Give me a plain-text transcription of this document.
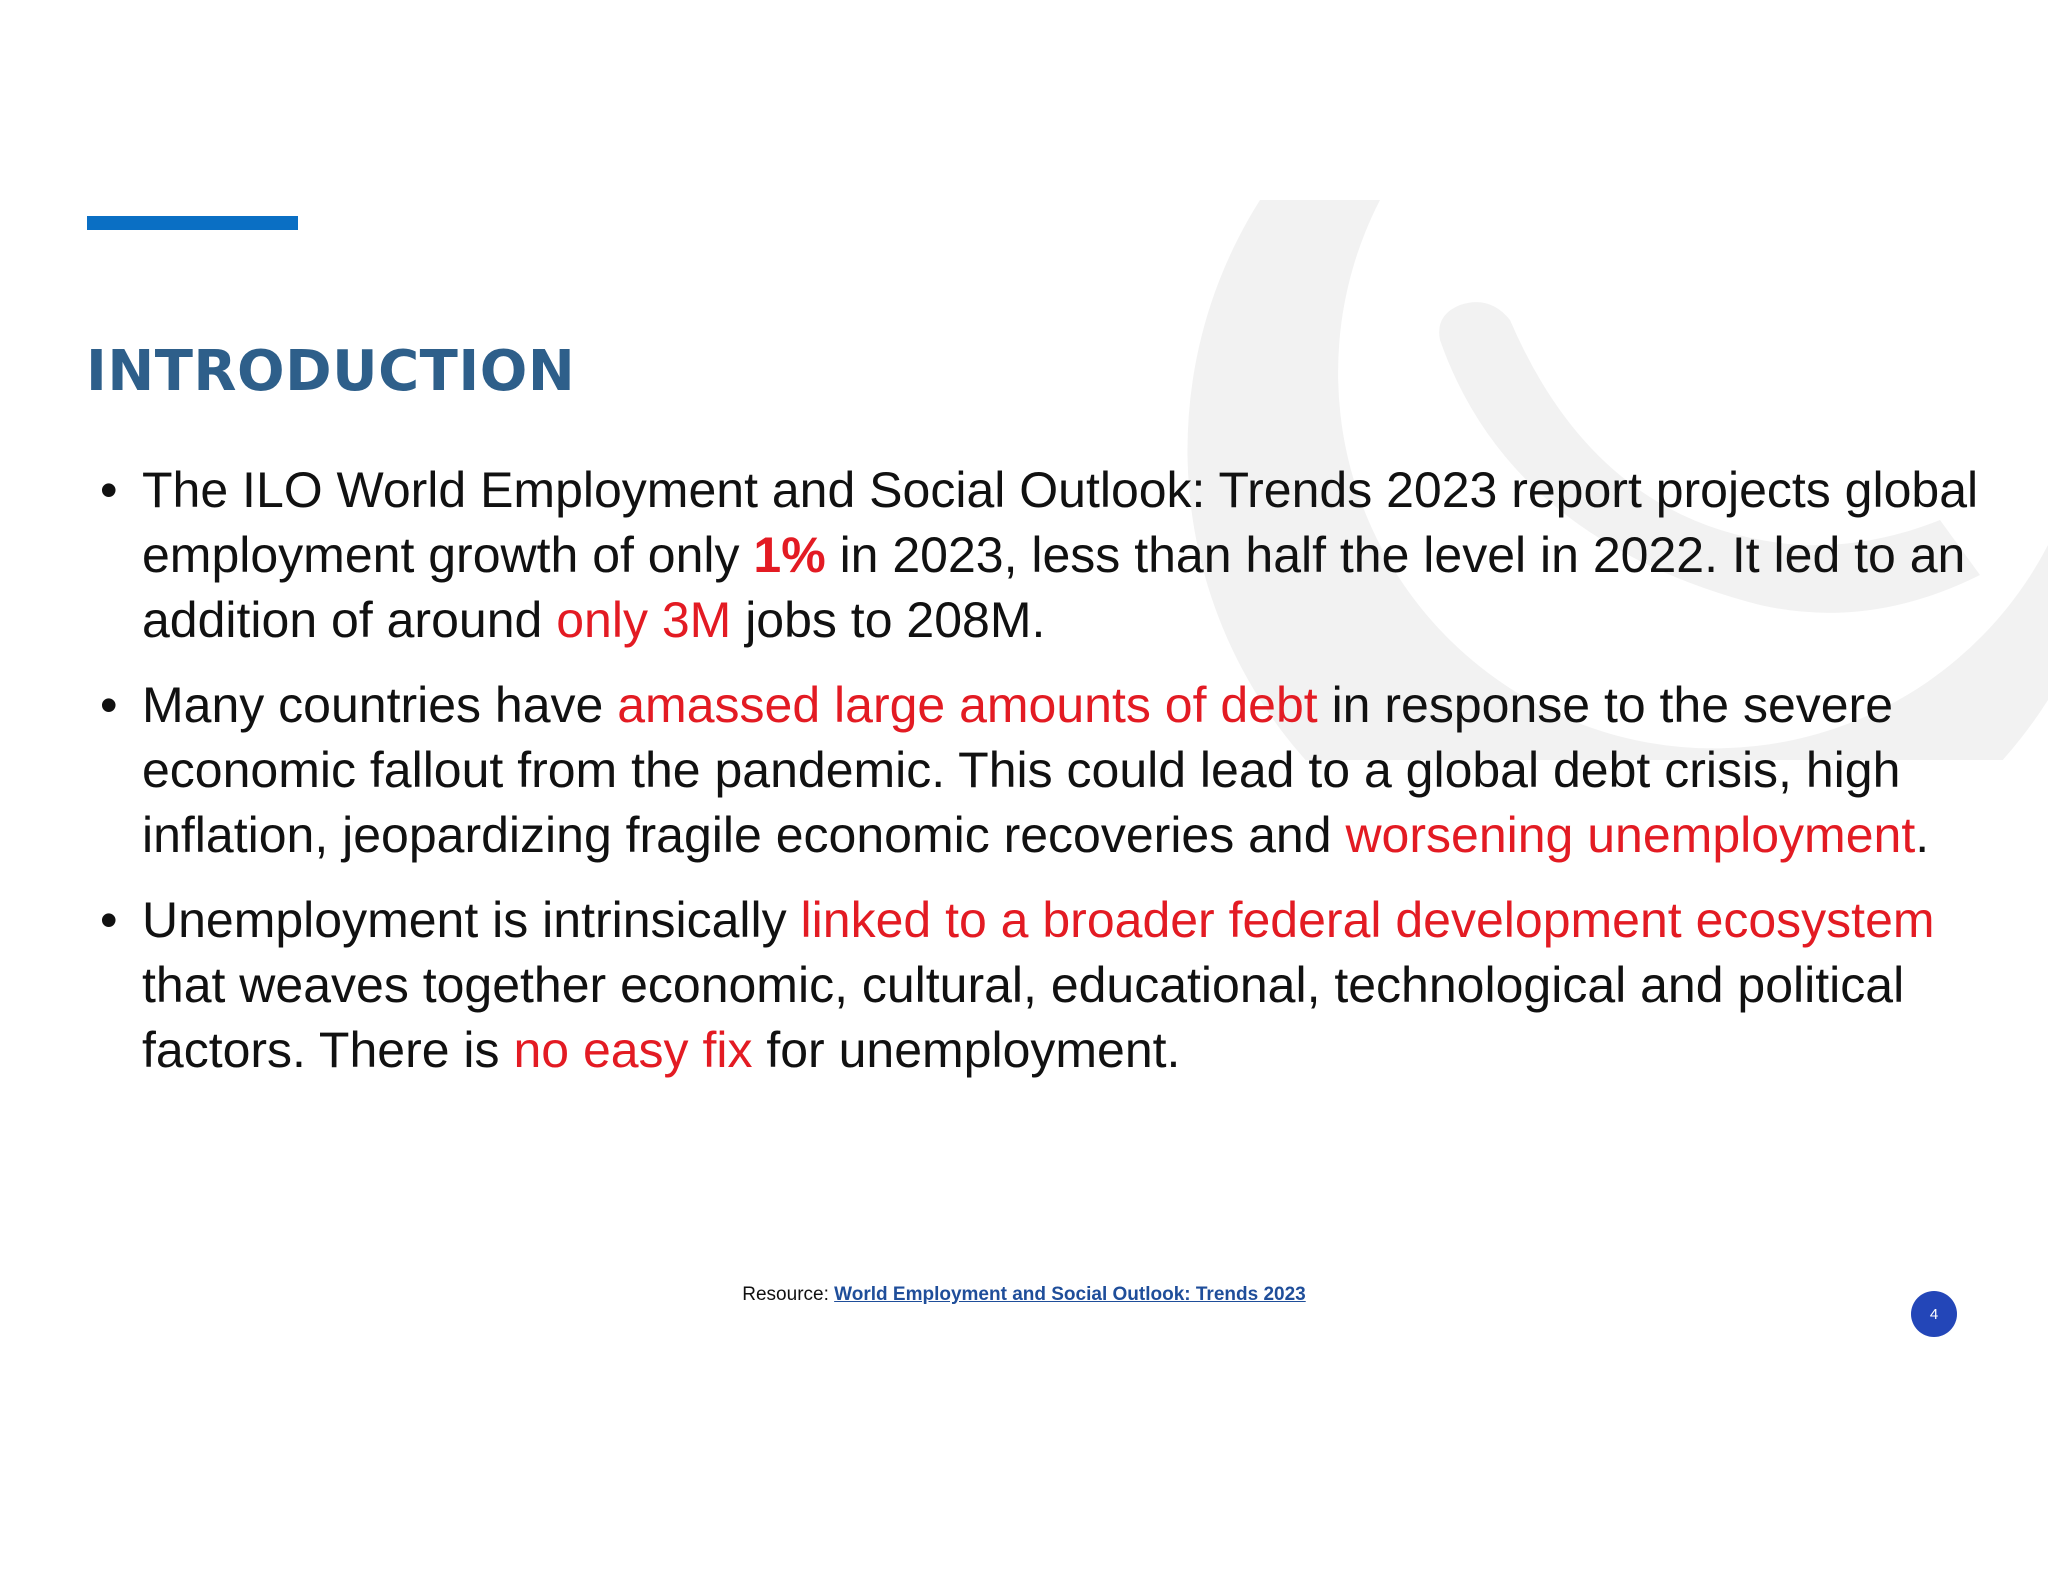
INTRODUCTION
• The ILO World Employment and Social Outlook: Trends 2023 report projects global employment growth of only 1% in 2023, less than half the level in 2022. It led to an addition of around only 3M jobs to 208M.
• Many countries have amassed large amounts of debt in response to the severe economic fallout from the pandemic. This could lead to a global debt crisis, high inflation, jeopardizing fragile economic recoveries and worsening unemployment.
• Unemployment is intrinsically linked to a broader federal development ecosystem that weaves together economic, cultural, educational, technological and political factors. There is no easy fix for unemployment.
Resource: World Employment and Social Outlook: Trends 2023
4
